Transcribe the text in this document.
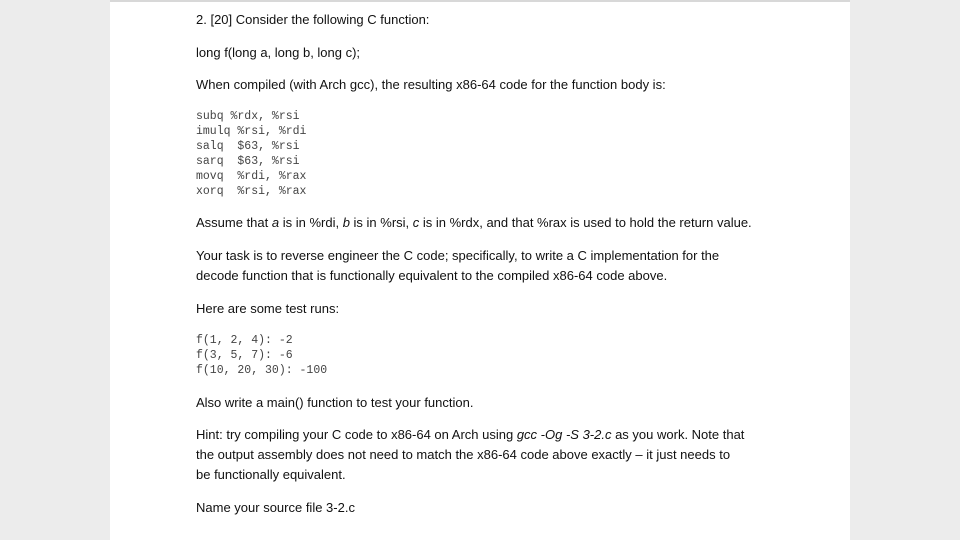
2. [20] Consider the following C function:
long f(long a, long b, long c);
When compiled (with Arch gcc), the resulting x86-64 code for the function body is:
subq %rdx, %rsi
imulq %rsi, %rdi
salq  $63, %rsi
sarq  $63, %rsi
movq  %rdi, %rax
xorq  %rsi, %rax
Assume that a is in %rdi, b is in %rsi, c is in %rdx, and that %rax is used to hold the return value.
Your task is to reverse engineer the C code; specifically, to write a C implementation for the
decode function that is functionally equivalent to the compiled x86-64 code above.
Here are some test runs:
f(1, 2, 4): -2
f(3, 5, 7): -6
f(10, 20, 30): -100
Also write a main() function to test your function.
Hint: try compiling your C code to x86-64 on Arch using gcc -Og -S 3-2.c as you work. Note that
the output assembly does not need to match the x86-64 code above exactly – it just needs to
be functionally equivalent.
Name your source file 3-2.c
